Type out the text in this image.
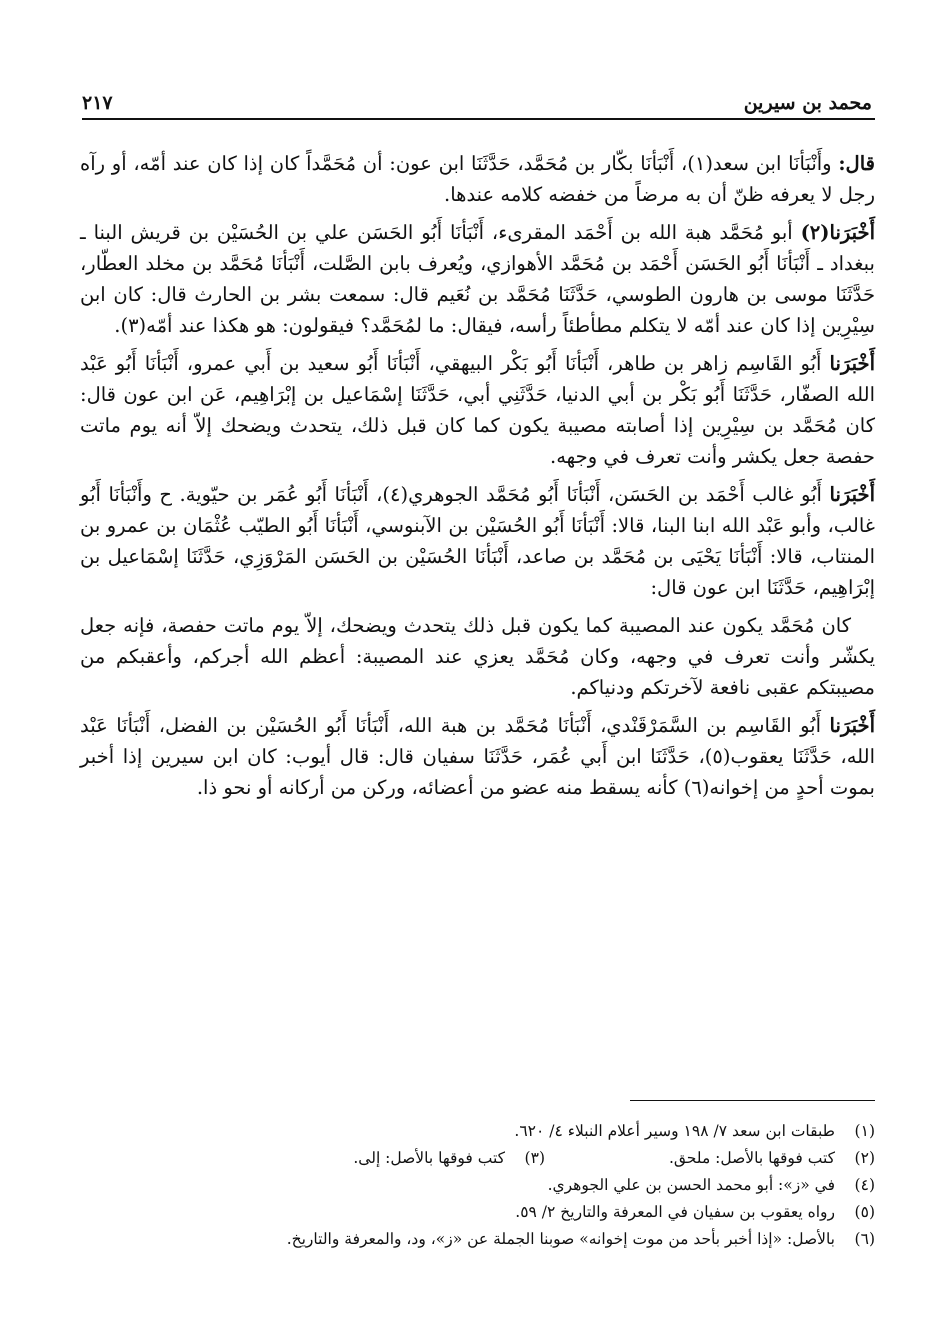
محمد بن سيرين
٢١٧

قال: وأَنْبَأنَا ابن سعد(١)، أَنْبَأنَا بكّار بن مُحَمَّد، حَدَّثَنَا ابن عون: أن مُحَمَّداً كان إذا كان عند أمّه، أو رآه رجل لا يعرفه ظنّ أن به مرضاً من خفضه كلامه عندها.

أَخْبَرَنا(٢) أبو مُحَمَّد هبة الله بن أَحْمَد المقرىء، أَنْبَأنَا أَبُو الحَسَن علي بن الحُسَيْن بن قريش البنا ـ ببغداد ـ أَنْبَأنَا أَبُو الحَسَن أَحْمَد بن مُحَمَّد الأهوازي، ويُعرف بابن الصَّلت، أَنْبَأنَا مُحَمَّد بن مخلد العطّار، حَدَّثَنَا موسى بن هارون الطوسي، حَدَّثَنَا مُحَمَّد بن نُعَيم قال: سمعت بشر بن الحارث قال: كان ابن سِيْرِين إذا كان عند أمّه لا يتكلم مطأطئاً رأسه، فيقال: ما لمُحَمَّد؟ فيقولون: هو هكذا عند أمّه(٣).

أَخْبَرَنا أَبُو القَاسِم زاهر بن طاهر، أَنْبَأنَا أَبُو بَكْر البيهقي، أَنْبَأنَا أَبُو سعيد بن أَبي عمرو، أَنْبَأنَا أَبُو عَبْد الله الصفّار، حَدَّثَنَا أَبُو بَكْر بن أبي الدنيا، حَدَّثَنِي أبي، حَدَّثَنَا إسْمَاعيل بن إبْرَاهِيم، عَن ابن عون قال: كان مُحَمَّد بن سِيْرِين إذا أصابته مصيبة يكون كما كان قبل ذلك، يتحدث ويضحك إلاّ أنه يوم ماتت حفصة جعل يكشر وأنت تعرف في وجهه.

أَخْبَرَنا أَبُو غالب أَحْمَد بن الحَسَن، أَنْبَأنَا أَبُو مُحَمَّد الجوهري(٤)، أَنْبَأنَا أَبُو عُمَر بن حيّوية. ح وأَنْبَأنَا أَبُو غالب، وأبو عَبْد الله ابنا البنا، قالا: أَنْبَأنَا أَبُو الحُسَيْن بن الآبنوسي، أَنْبَأنَا أَبُو الطيّب عُثْمَان بن عمرو بن المنتاب، قالا: أَنْبَأنَا يَحْيَى بن مُحَمَّد بن صاعد، أَنْبَأنَا الحُسَيْن بن الحَسَن المَرْوَزِي، حَدَّثَنَا إسْمَاعيل بن إبْرَاهِيم، حَدَّثَنَا ابن عون قال:

كان مُحَمَّد يكون عند المصيبة كما يكون قبل ذلك يتحدث ويضحك، إلاّ يوم ماتت حفصة، فإنه جعل يكشّر وأنت تعرف في وجهه، وكان مُحَمَّد يعزي عند المصيبة: أعظم الله أجركم، وأعقبكم من مصيبتكم عقبى نافعة لآخرتكم ودنياكم.

أَخْبَرَنا أَبُو القَاسِم بن السَّمَرْقَنْدي، أَنْبَأنَا مُحَمَّد بن هبة الله، أَنْبَأنَا أَبُو الحُسَيْن بن الفضل، أَنْبَأنَا عَبْد الله، حَدَّثَنَا يعقوب(٥)، حَدَّثَنَا ابن أَبي عُمَر، حَدَّثَنَا سفيان قال: قال أيوب: كان ابن سيرين إذا أخبر بموت أحدٍ من إخوانه(٦) كأنه يسقط منه عضو من أعضائه، وركن من أركانه أو نحو ذا.

(١)
طبقات ابن سعد ٧/ ١٩٨ وسير أعلام النبلاء ٤/ ٦٢٠.
(٢)
كتب فوقها بالأصل: ملحق.
(٣)
كتب فوقها بالأصل: إلى.
(٤)
في «ز»: أبو محمد الحسن بن علي الجوهري.
(٥)
رواه يعقوب بن سفيان في المعرفة والتاريخ ٢/ ٥٩.
(٦)
بالأصل: «إذا أخبر بأحد من موت إخوانه» صوبنا الجملة عن «ز»، ود، والمعرفة والتاريخ.
